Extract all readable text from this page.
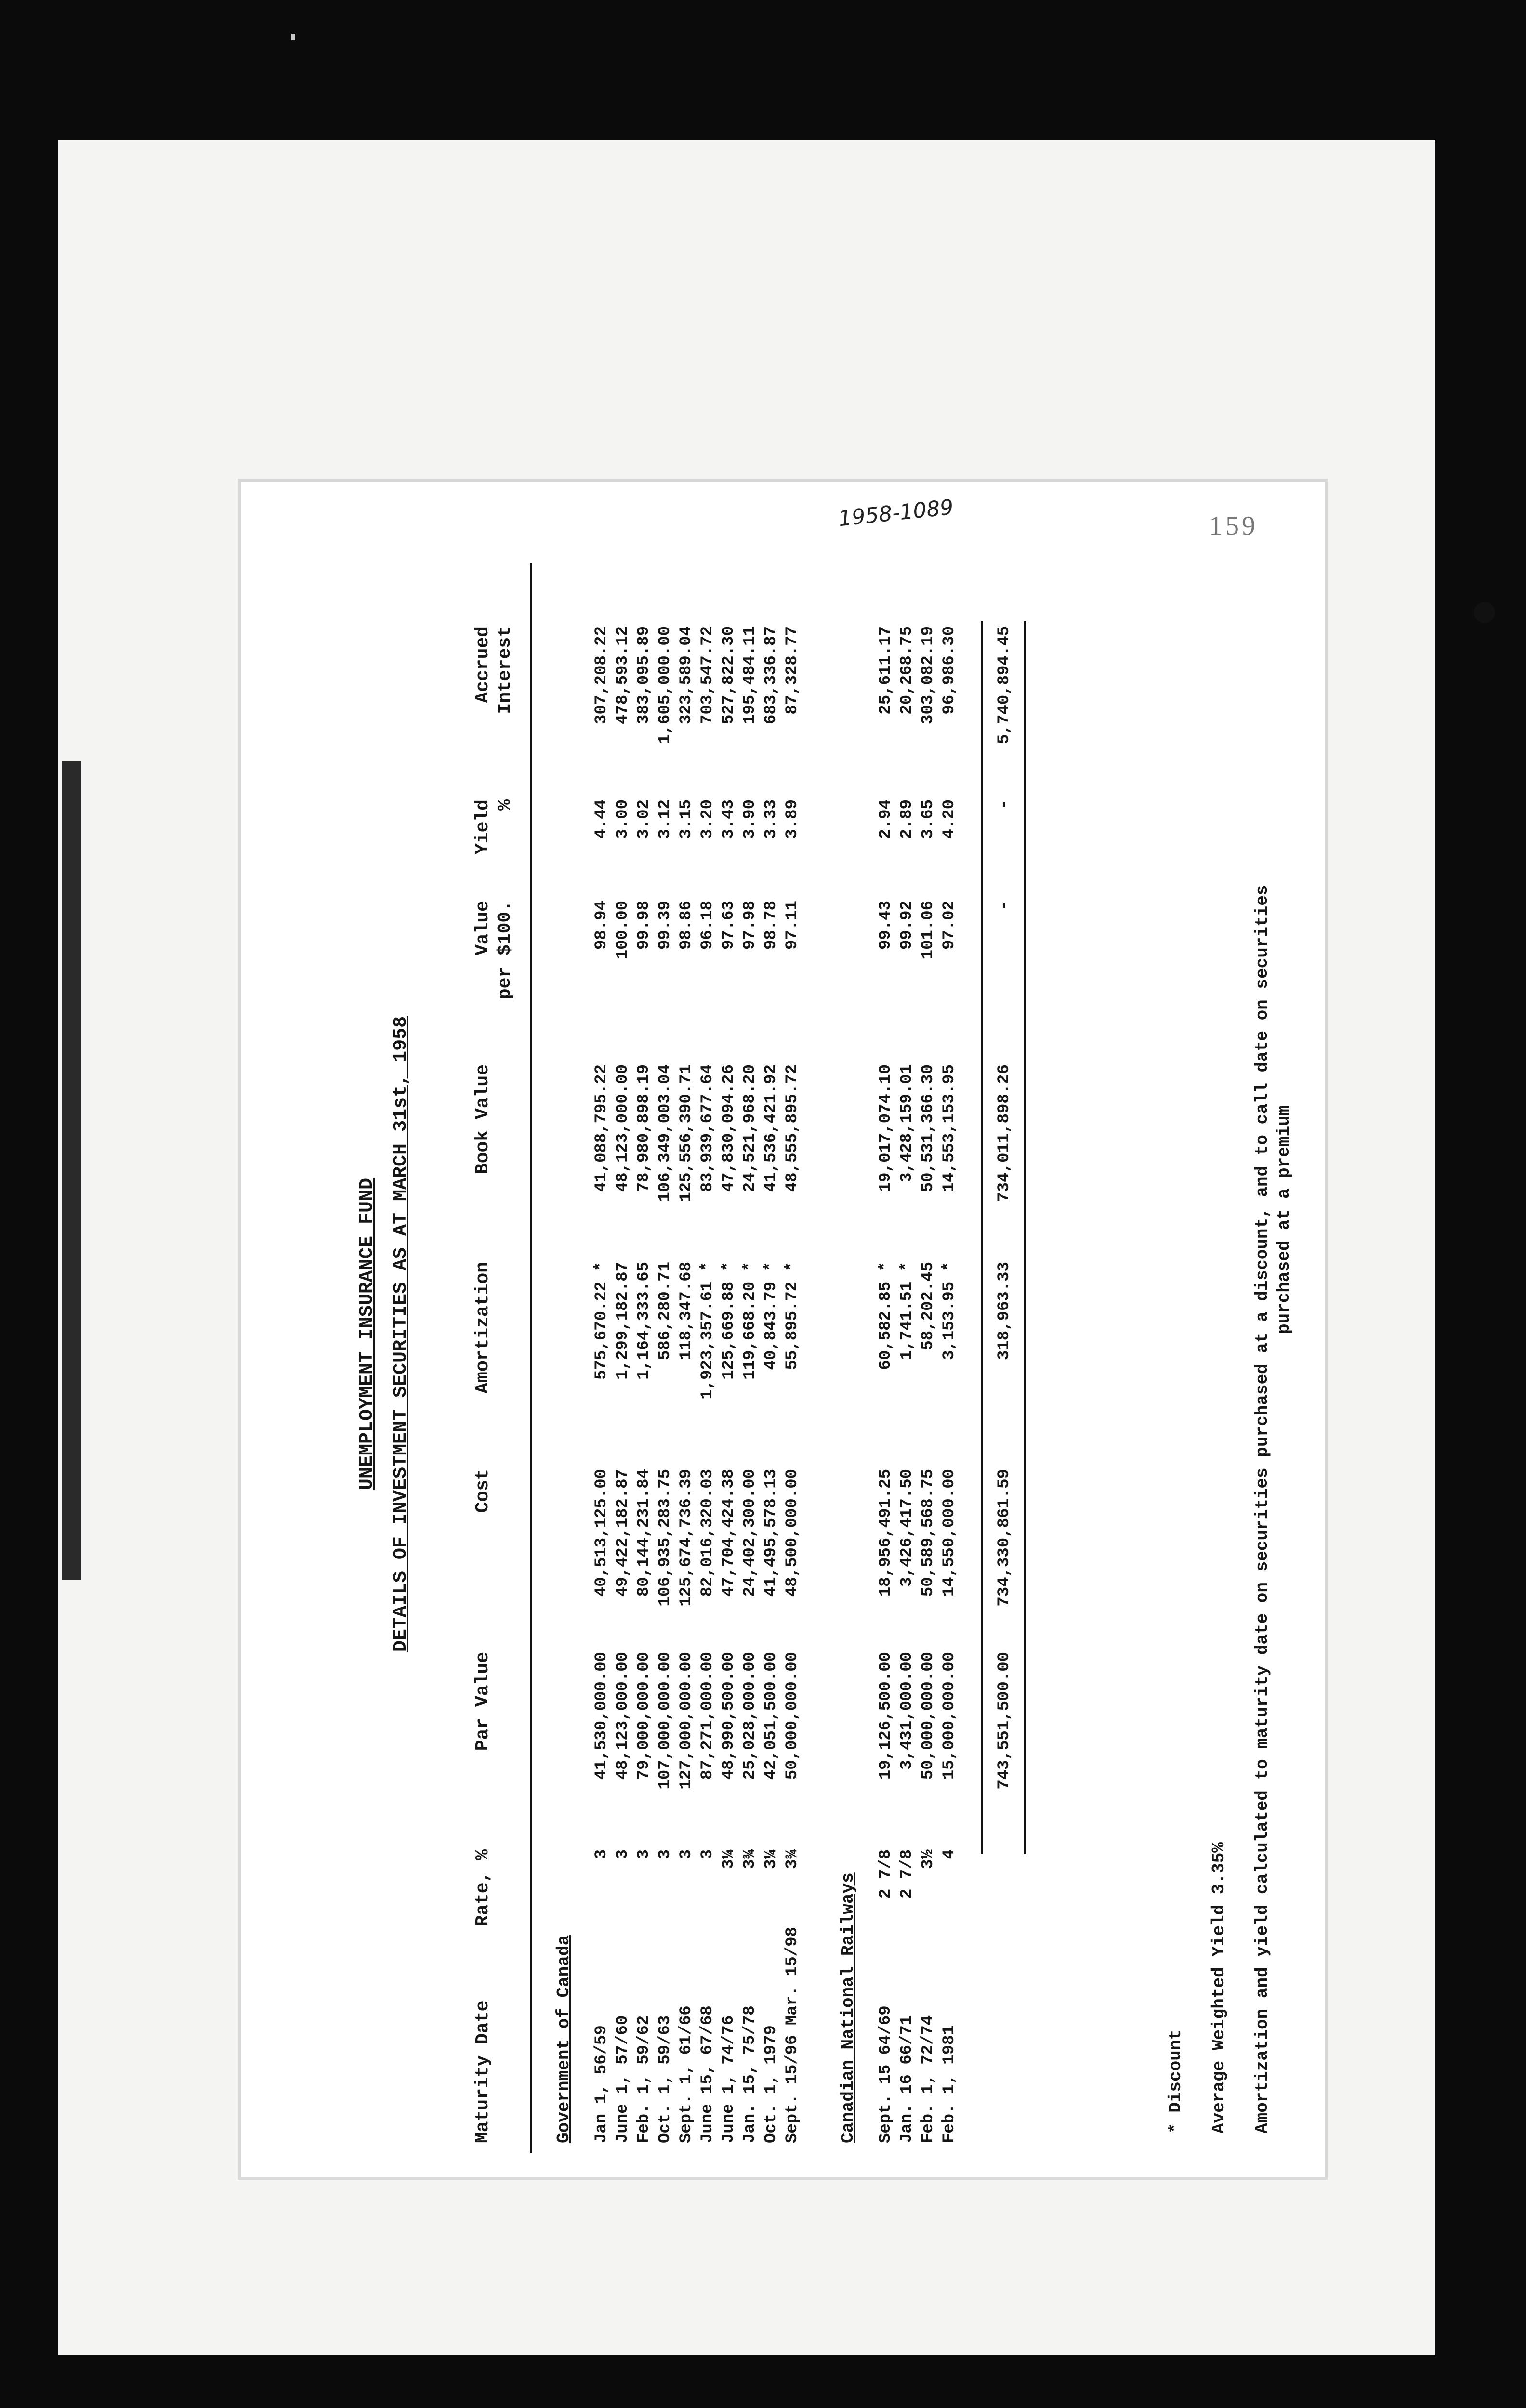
159
1958-1089
UNEMPLOYMENT INSURANCE FUND DETAILS OF INVESTMENT SECURITIES AS AT MARCH 31st, 1958
Maturity Date
Rate, %
Par Value
Cost
Amortization
Book Value
Value per $100.
Yield %
Accrued Interest
Government of Canada Jan 1, 56/59
3
41,530,000.00
40,513,125.00
575,670.22 *
41,088,795.22
98.94
4.44
307,208.22
June 1, 57/60
3
48,123,000.00
49,422,182.87
1,299,182.87
48,123,000.00
100.00
3.00
478,593.12
Feb. 1, 59/62
3
79,000,000.00
80,144,231.84
1,164,333.65
78,980,898.19
99.98
3.02
383,095.89
Oct. 1, 59/63
3
107,000,000.00
106,935,283.75
586,280.71
106,349,003.04
99.39
3.12
1,605,000.00
Sept. 1, 61/66
3
127,000,000.00
125,674,736.39
118,347.68
125,556,390.71
98.86
3.15
323,589.04
June 15, 67/68
3
87,271,000.00
82,016,320.03
1,923,357.61 *
83,939,677.64
96.18
3.20
703,547.72
June 1, 74/76
3¼
48,990,500.00
47,704,424.38
125,669.88 *
47,830,094.26
97.63
3.43
527,822.30
Jan. 15, 75/78
3¾
25,028,000.00
24,402,300.00
119,668.20 *
24,521,968.20
97.98
3.90
195,484.11
Oct. 1, 1979
3¼
42,051,500.00
41,495,578.13
40,843.79 *
41,536,421.92
98.78
3.33
683,336.87
Sept. 15/96 Mar. 15/98
3¾
50,000,000.00
48,500,000.00
55,895.72 *
48,555,895.72
97.11
3.89
87,328.77
Canadian National Railways Sept. 15 64/69
2 7/8
19,126,500.00
18,956,491.25
60,582.85 *
19,017,074.10
99.43
2.94
25,611.17
Jan. 16 66/71
2 7/8
3,431,000.00
3,426,417.50
1,741.51 *
3,428,159.01
99.92
2.89
20,268.75
Feb. 1, 72/74
3½
50,000,000.00
50,589,568.75
58,202.45
50,531,366.30
101.06
3.65
303,082.19
Feb. 1, 1981
4
15,000,000.00
14,550,000.00
3,153.95 *
14,553,153.95
97.02
4.20
96,986.30
743,551,500.00
734,330,861.59
318,963.33
734,011,898.26
-
-
5,740,894.45
* Discount Average Weighted Yield 3.35% Amortization and yield calculated to maturity date on securities purchased at a discount, and to call date on securities purchased at a premium
